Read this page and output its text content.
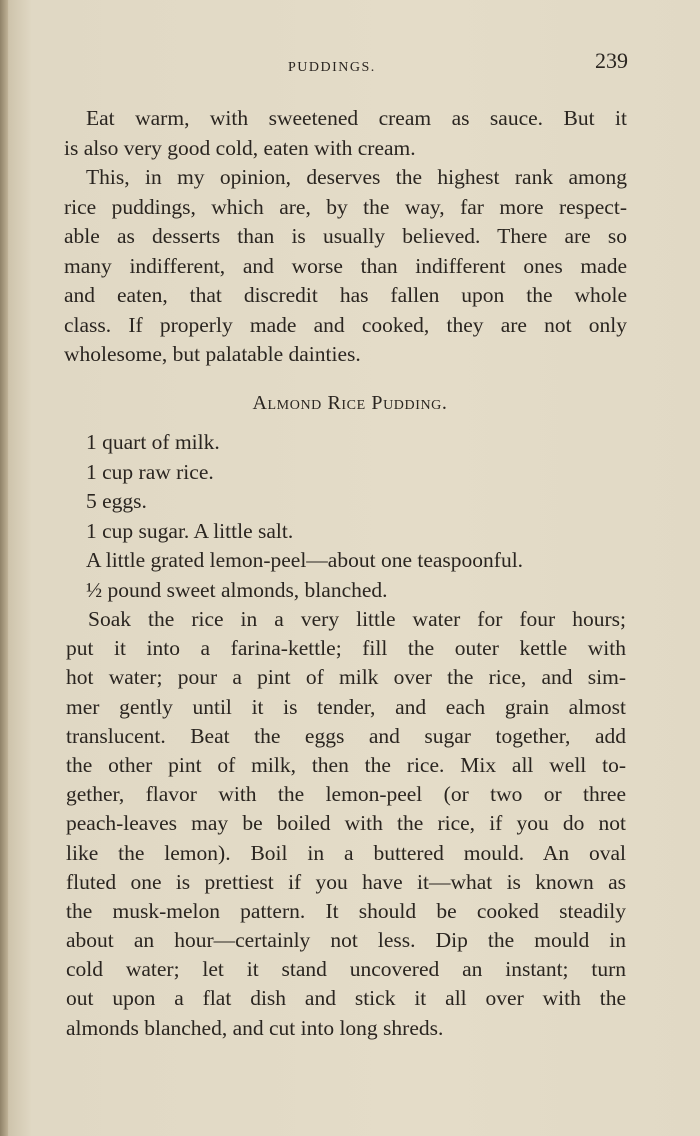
PUDDINGS.	239
Eat warm, with sweetened cream as sauce. But it
is also very good cold, eaten with cream.
This, in my opinion, deserves the highest rank among
rice puddings, which are, by the way, far more respect-
able as desserts than is usually believed. There are so
many indifferent, and worse than indifferent ones made
and eaten, that discredit has fallen upon the whole
class. If properly made and cooked, they are not only
wholesome, but palatable dainties.
Almond Rice Pudding.
1 quart of milk.
1 cup raw rice.
5 eggs.
1 cup sugar. A little salt.
A little grated lemon-peel—about one teaspoonful.
½ pound sweet almonds, blanched.
Soak the rice in a very little water for four hours;
put it into a farina-kettle; fill the outer kettle with
hot water; pour a pint of milk over the rice, and sim-
mer gently until it is tender, and each grain almost
translucent. Beat the eggs and sugar together, add
the other pint of milk, then the rice. Mix all well to-
gether, flavor with the lemon-peel (or two or three
peach-leaves may be boiled with the rice, if you do not
like the lemon). Boil in a buttered mould. An oval
fluted one is prettiest if you have it—what is known as
the musk-melon pattern. It should be cooked steadily
about an hour—certainly not less. Dip the mould in
cold water; let it stand uncovered an instant; turn
out upon a flat dish and stick it all over with the
almonds blanched, and cut into long shreds.
